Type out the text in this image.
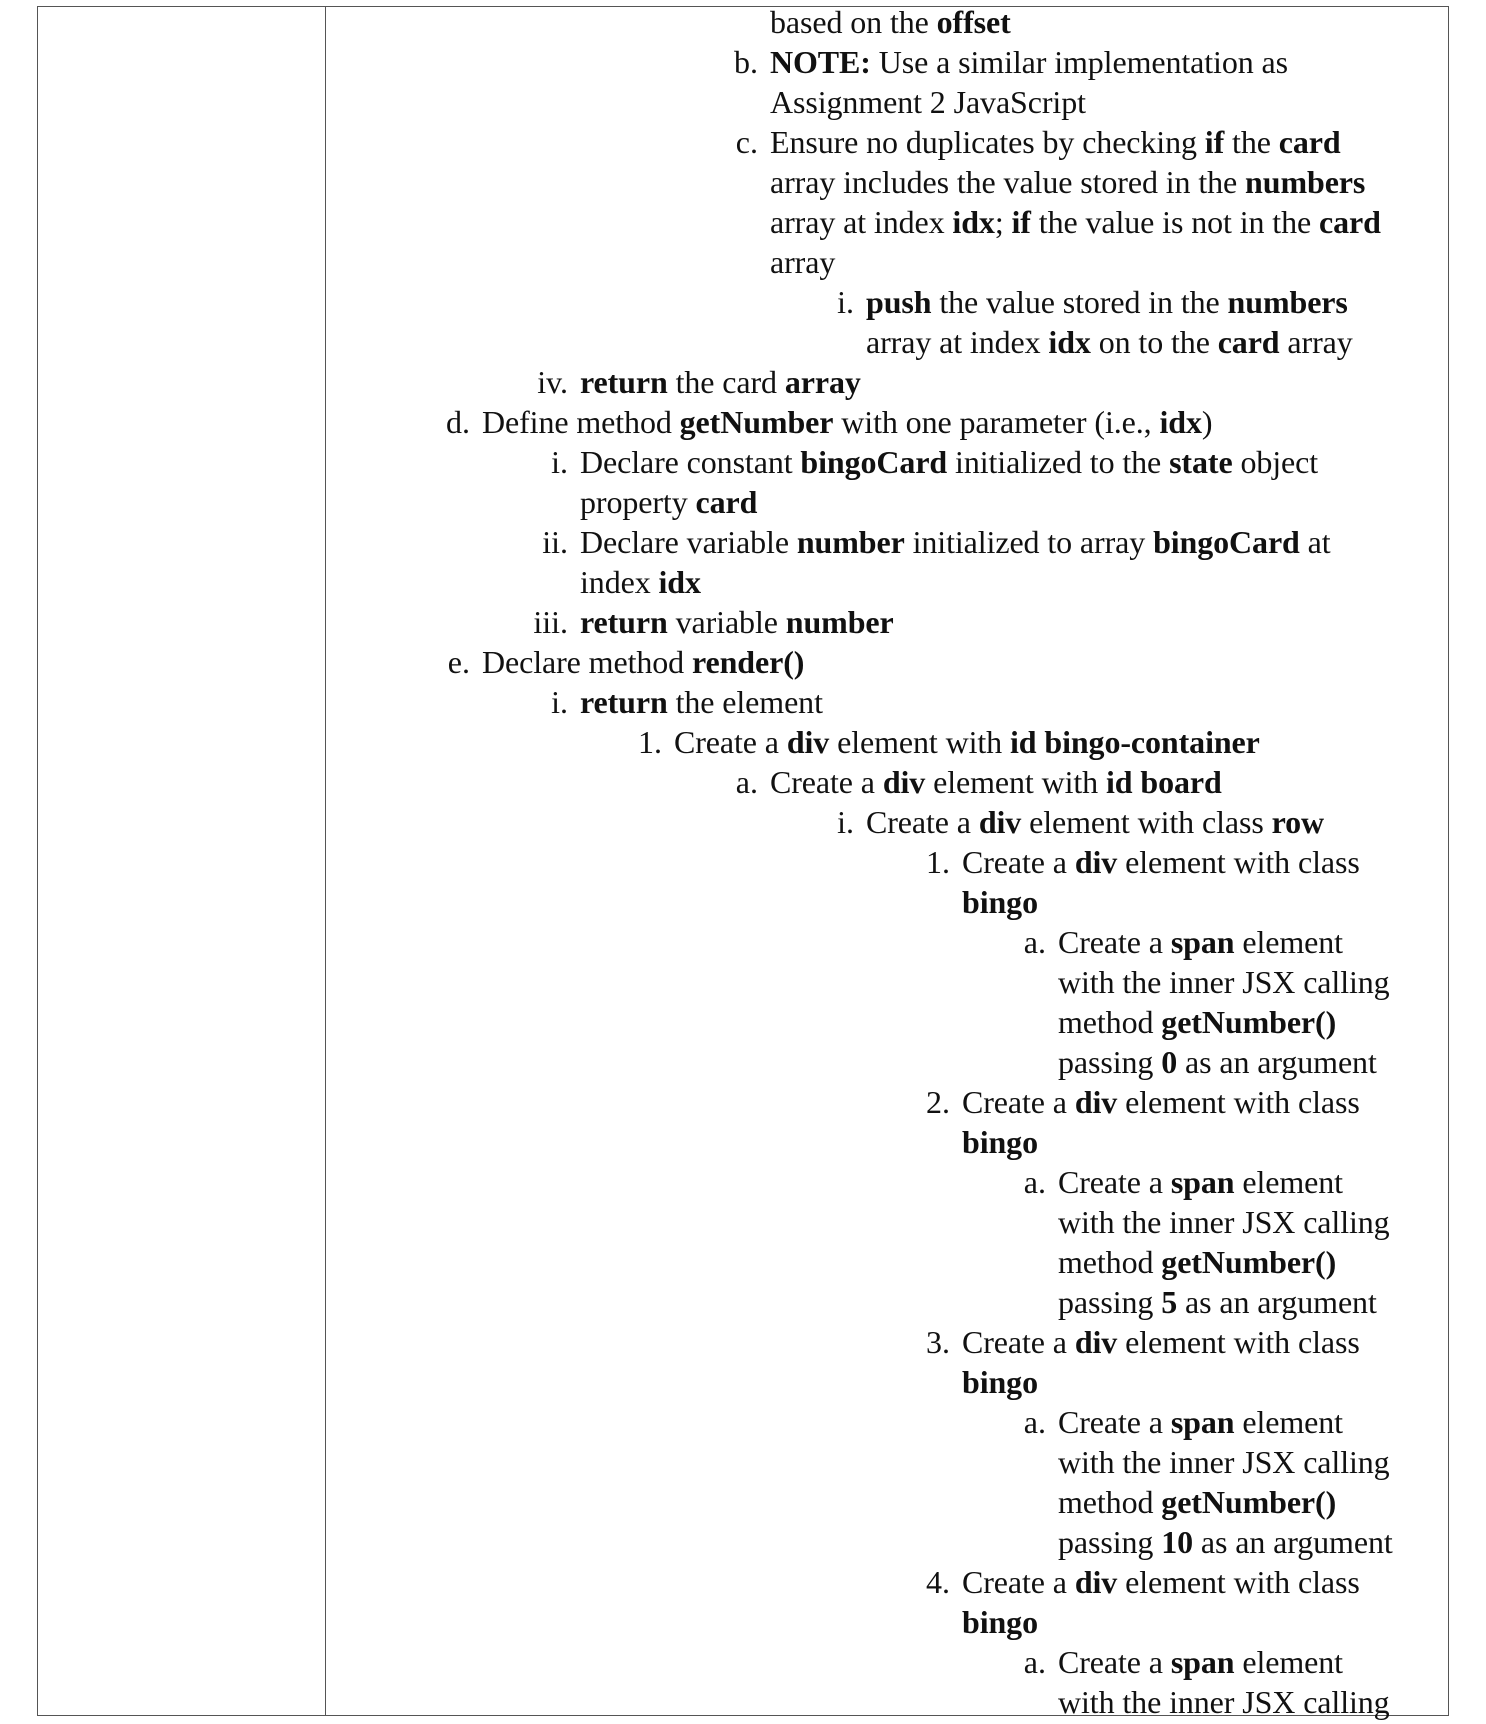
based on the offset
b. NOTE: Use a similar implementation as
Assignment 2 JavaScript
c. Ensure no duplicates by checking if the card
array includes the value stored in the numbers
array at index idx; if the value is not in the card
array
i. push the value stored in the numbers
array at index idx on to the card array
iv. return the card array
d. Define method getNumber with one parameter (i.e., idx)
i. Declare constant bingoCard initialized to the state object
property card
ii. Declare variable number initialized to array bingoCard at
index idx
iii. return variable number
e. Declare method render()
i. return the element
1. Create a div element with id bingo-container
a. Create a div element with id board
i. Create a div element with class row
1. Create a div element with class
bingo
a. Create a span element
with the inner JSX calling
method getNumber()
passing 0 as an argument
2. Create a div element with class
bingo
a. Create a span element
with the inner JSX calling
method getNumber()
passing 5 as an argument
3. Create a div element with class
bingo
a. Create a span element
with the inner JSX calling
method getNumber()
passing 10 as an argument
4. Create a div element with class
bingo
a. Create a span element
with the inner JSX calling
